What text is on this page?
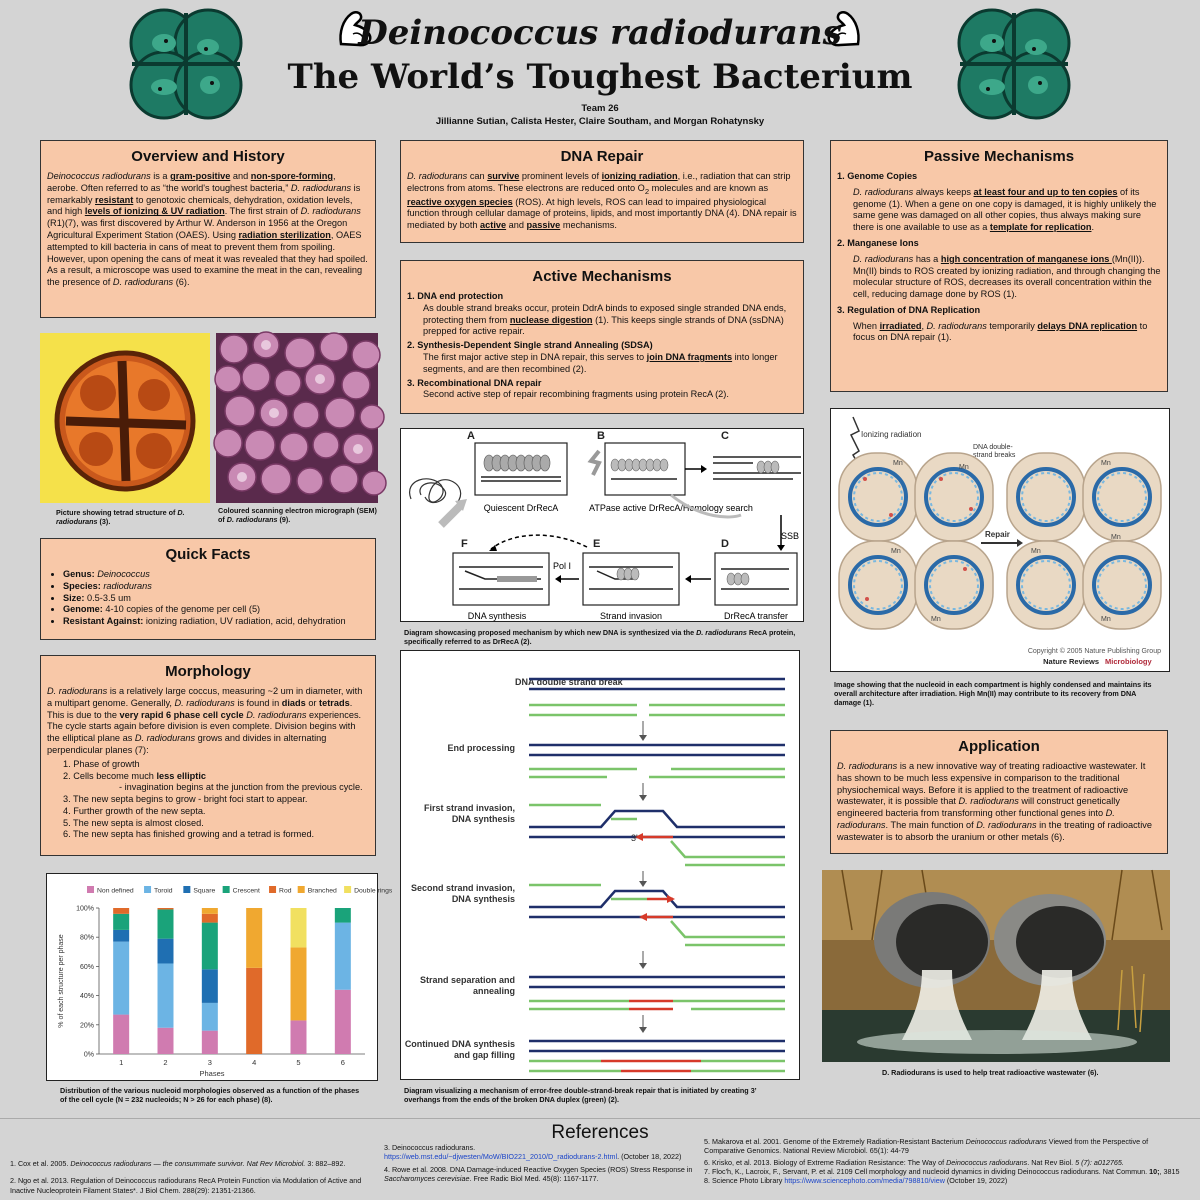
Deinococcus radiodurans
The World’s Toughest Bacterium
Team 26
Jillianne Sutian, Calista Hester, Claire Southam, and Morgan Rohatynsky
Overview and History

Deinococcus radiodurans is a gram-positive and non-spore-forming, aerobe. Often referred to as “the world's toughest bacteria,” D. radiodurans is remarkably resistant to genotoxic chemicals, dehydration, oxidation levels, and high levels of ionizing & UV radiation. The first strain of D. radiodurans (R1)(7), was first discovered by Arthur W. Anderson in 1956 at the Oregon Agricultural Experiment Station (OAES). Using radiation sterilization, OAES attempted to kill bacteria in cans of meat to prevent them from spoiling. However, upon opening the cans of meat it was revealed that they had spoiled. As a result, a microscope was used to examine the meat in the can, revealing the presence of D. radiodurans (6).

Picture showing tetrad structure of D. radiodurans (3).
Coloured scanning electron micrograph (SEM) of D. radiodurans (9).
Quick Facts
• Genus: Deinococcus
• Species: radiodurans
• Size: 0.5-3.5 um
• Genome: 4-10 copies of the genome per cell (5)
• Resistant Against: ionizing radiation, UV radiation, acid, dehydration
Morphology

D. radiodurans is a relatively large coccus, measuring ~2 um in diameter, with a multipart genome. Generally, D. radiodurans is found in diads or tetrads. This is due to the very rapid 6 phase cell cycle D. radiodurans experiences. The cycle starts again before division is even complete. Division begins with the elliptical plane as D. radiodurans grows and divides in alternating perpendicular planes (7):

1. Phase of growth
2. Cells become much less elliptic
- invagination begins at the junction from the previous cycle.
3. The new septa begins to grow - bright foci start to appear.
4. Further growth of the new septa.
5. The new septa is almost closed.
6. The new septa has finished growing and a tetrad is formed.
Non defined	Toroid	Square	Crescent	Rod Branched	Double rings
0%
20%
40%
60%
80%
100%
% of each structure per phase
1	2	3	4	5	6
Phases
Distribution of the various nucleoid morphologies observed as a function of the phases of the cell cycle (N = 232 nucleoids; N > 26 for each phase) (8).
DNA Repair

D. radiodurans can survive prominent levels of ionizing radiation, i.e., radiation that can strip electrons from atoms. These electrons are reduced onto $O_2$ molecules and are known as reactive oxygen species (ROS). At high levels, ROS can lead to impaired physiological function through cellular damage of proteins, lipids, and most importantly DNA (4). DNA repair is mediated by both active and passive mechanisms.

Active Mechanisms
1. DNA end protection

As double strand breaks occur, protein DdrA binds to exposed single stranded DNA ends, protecting them from nuclease digestion (1). This keeps single strands of DNA (ssDNA) prepped for active repair.

2. Synthesis-Dependent Single strand Annealing (SDSA)

The first major active step in DNA repair, this serves to join DNA fragments into longer segments, and are then recombined (2).

3. Recombinational DNA repair

Second active step of repair recombining fragments using protein RecA (2).

A	B	C
D
E
F
Quiescent DrRecA	ATPase active DrRecA/Homology search
SSB
DrRecA transfer
Strand invasion
Pol I
DNA synthesis
Diagram showcasing proposed mechanism by which new DNA is synthesized via the D. radiodurans RecA protein, specifically referred to as DrRecA (2).
DNA double strand break
End processing
First strand invasion,
DNA synthesis
Second strand invasion,
DNA synthesis
Strand separation and
annealing
Continued DNA synthesis
and gap filling
3'
Diagram visualizing a mechanism of error-free double-strand-break repair that is initiated by creating 3’ overhangs from the ends of the broken DNA duplex (green) (2).
Passive Mechanisms
1. Genome Copies

D. radiodurans always keeps at least four and up to ten copies of its genome (1). When a gene on one copy is damaged, it is highly unlikely the same gene was damaged on all other copies, thus always making sure there is one available to use as a template for replication.

2. Manganese Ions

D. radiodurans has a high concentration of manganese ions (Mn(II)). Mn(II) binds to ROS created by ionizing radiation, and through changing the molecular structure of ROS, decreases its overall concentration within the cell, reducing damage done by ROS (1).

3. Regulation of DNA Replication

When irradiated, D. radiodurans temporarily delays DNA replication to focus on DNA repair (1).

Ionizing radiation
DNA double-
strand breaks
Mn
Mn
Mn
Mn
Mn
Mn
Mn
Mn
Repair
Copyright © 2005 Nature Publishing Group
Nature Reviews Microbiology
Image showing that the nucleoid in each compartment is highly condensed and maintains its overall architecture after irradiation. High Mn(II) may contribute to its recovery from DNA damage (1).
Application

D. radiodurans is a new innovative way of treating radioactive wastewater. It has shown to be much less expensive in comparison to the traditional physiochemical ways. Before it is applied to the treatment of radioactive wastewater, it is possible that D. radiodurans will construct genetically engineered bacteria from transforming other functional genes into D. radiodurans. The main function of D. radiodurans in the treating of radioactive wastewater is to absorb the uranium or other metals (6).

D. Radiodurans is used to help treat radioactive wastewater (6).
References
1. Cox et al. 2005. Deinococcus radiodurans — the consummate survivor. Nat Rev Microbiol. 3: 882–892.
2. Ngo et al. 2013. Regulation of Deinococcus radiodurans RecA Protein Function via Modulation of Active and Inactive Nucleoprotein Filament States*. J Biol Chem. 288(29): 21351-21366.
3. Deinococcus radiodurans.
https://web.mst.edu/~djwesten/MoW/BIO221_2010/D_radiodurans-2.html. (October 18, 2022)
4. Rowe et al. 2008. DNA Damage-induced Reactive Oxygen Species (ROS) Stress Response in Saccharomyces cerevisiae. Free Radic Biol Med. 45(8): 1167-1177.
5. Makarova et al. 2001. Genome of the Extremely Radiation-Resistant Bacterium Deinococcus radiodurans Viewed from the Perspective of Comparative Genomics. National Review Microbiol. 65(1): 44-79
6. Krisko, et al. 2013. Biology of Extreme Radiation Resistance: The Way of Deinococcus radiodurans. Nat Rev Biol. 5 (7): a012765.
7. Floc'h, K., Lacroix, F., Servant, P. et al. 2109 Cell morphology and nucleoid dynamics in dividing Deinococcus radiodurans. Nat Commun. 10;, 3815
8. Science Photo Library https://www.sciencephoto.com/media/798810/view (October 19, 2022)
